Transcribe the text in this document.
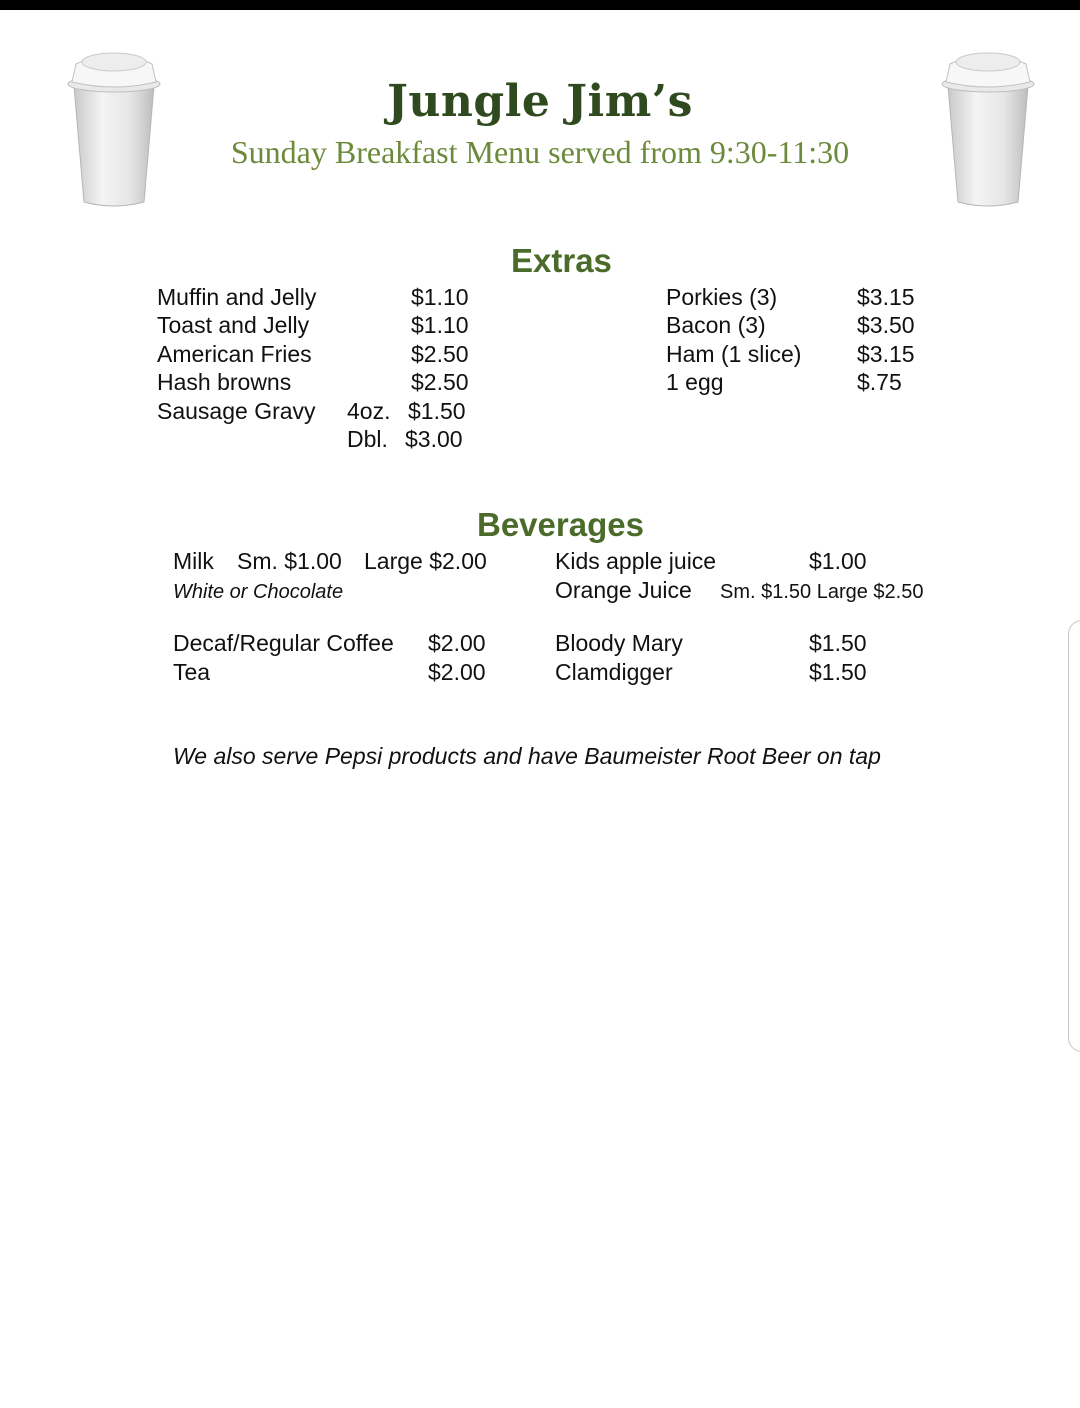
Jungle Jim’s
Sunday Breakfast Menu served from 9:30-11:30
Extras
Muffin and Jelly	$1.10
Toast and Jelly	$1.10
American Fries	$2.50
Hash browns	$2.50
Sausage Gravy 4oz. $1.50
Dbl. $3.00
Porkies (3)	$3.15
Bacon (3)	$3.50
Ham (1 slice) $3.15
1 egg	$.75
Beverages
Milk Sm. $1.00 Large $2.00
White or Chocolate
Kids apple juice	$1.00
Orange Juice Sm. $1.50 Large $2.50
Decaf/Regular Coffee $2.00
Tea	$2.00
Bloody Mary	$1.50
Clamdigger	$1.50
We also serve Pepsi products and have Baumeister Root Beer on tap
